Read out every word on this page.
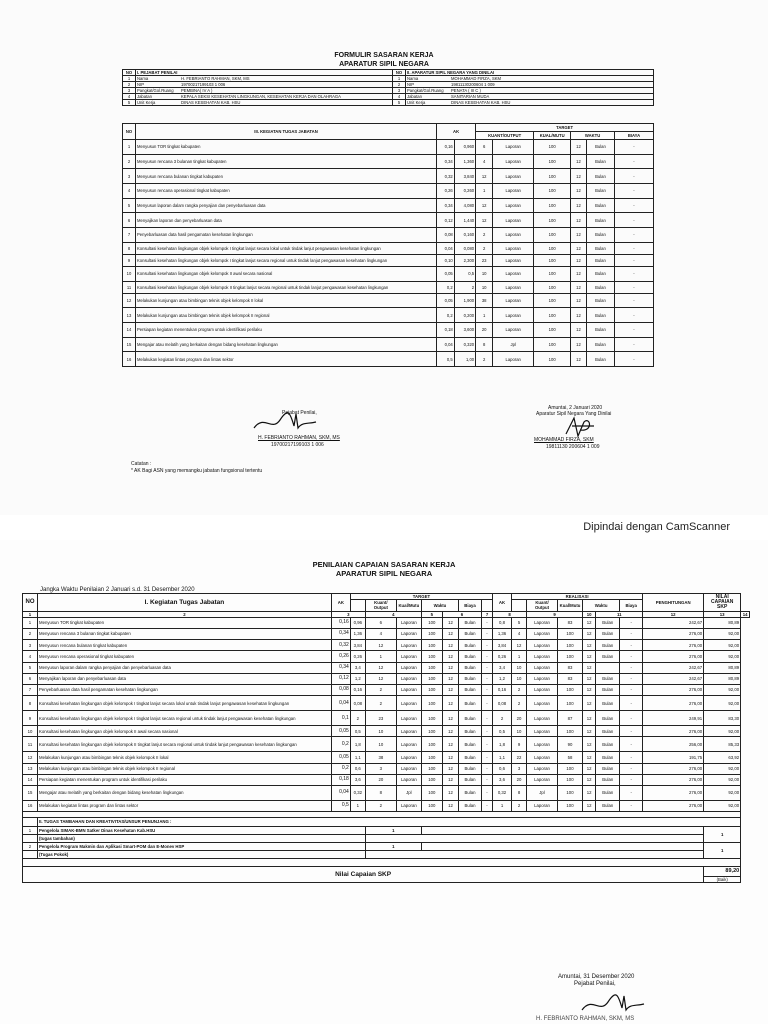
FORMULIR SASARAN KERJA
APARATUR SIPIL NEGARA
NO	I. PEJABAT PENILAI		NO	II. APARATUR SIPIL NEGARA YANG DINILAI	
1	Nama	H. FEBRIANTO RAHMAN, SKM, MS	1	Nama	MOHAMMAD FIRZA, SKM
2	NIP	19700217199103 1 006	2	NIP	19811130200604 1 009
3	Pangkat/Gol.Ruang	PEMBINA( IV A )	3	Pangkat/Gol.Ruang	PENATA ( III C )
4	Jabatan	KEPALA SEKSI KESEHATAN LINGKUNGAN, KESEHATAN KERJA DAN OLAHRAGA	4	Jabatan	SANITARIAN MUDA
5	Unit Kerja	DINAS KESEHATAN KAB. HSU	5	Unit Kerja	DINAS KESEHATAN KAB. HSU
NO	III. KEGIATAN TUGAS JABATAN	AK		TARGET					
				KUANT/OUTPUT		KUAL/MUTU	WAKTU		BIAYA
1	Menyusun TOR tingkat kabupaten	0,16	0,960	6	Laporan	100	12	Bulan	-
2	Menyusun rencana 3 bulanan tingkat kabupaten	0,34	1,360	4	Laporan	100	12	Bulan	-
3	Menyusun rencana bulanan tingkat kabupaten	0,32	3,840	12	Laporan	100	12	Bulan	-
4	Menyusun rencana operasional tingkat kabupaten	0,26	0,260	1	Laporan	100	12	Bulan	-
5	Menyusun laporan dalam rangka penyajian dan penyebarluasan data	0,34	4,080	12	Laporan	100	12	Bulan	-
6	Menyajikan laporan dan penyebarluasan data	0,12	1,440	12	Laporan	100	12	Bulan	-
7	Penyebarluasan data hasil pengamatan kesehatan lingkungan	0,08	0,160	2	Laporan	100	12	Bulan	-
8	Konsultasi kesehatan lingkungan objek kelompok I tingkat lanjut secara lokal untuk tindak lanjut pengawasan kesehatan lingkungan	0,04	0,080	2	Laporan	100	12	Bulan	-
9	Konsultasi kesehatan lingkungan objek kelompok I tingkat lanjut secara regional untuk tindak lanjut pengawasan kesehatan lingkungan	0,10	2,300	23	Laporan	100	12	Bulan	-
10	Konsultasi kesehatan lingkungan objek kelompok II awal secara nasional	0,05	0,5	10	Laporan	100	12	Bulan	-
11	Konsultasi kesehatan lingkungan objek kelompok II tingkat lanjut secara regional untuk tindak lanjut pengawasan kesehatan lingkungan	0,2	2	10	Laporan	100	12	Bulan	-
12	Melakukan kunjungan atau bimbingan teknis objek kelompok II lokal	0,05	1,900	38	Laporan	100	12	Bulan	-
13	Melakukan kunjungan atau bimbingan teknis objek kelompok II regional	0,2	0,200	1	Laporan	100	12	Bulan	-
14	Persiapan kegiatan menentukan program untuk identifikasi perilaku	0,18	3,600	20	Laporan	100	12	Bulan	-
15	Mengajar atau melatih yang berkaitan dengan bidang kesehatan lingkungan	0,04	0,320	8	Jpl	100	12	Bulan	-
16	Melakukan kegiatan lintas program dan lintas sektor	0,5	1,00	2	Laporan	100	12	Bulan	-
Pejabat Penilai,
H. FEBRIANTO RAHMAN, SKM, MS
19700217199103 1 006
Amuntai, 2 Januari 2020
Aparatur Sipil Negara Yang Dinilai
MOHAMMAD FIRZA, SKM
19811130 200604 1 009
Catatan :
* AK Bagi ASN yang memangku jabatan fungsional tertentu
Dipindai dengan CamScanner
PENILAIAN CAPAIAN SASARAN KERJA
APARATUR SIPIL NEGARA
Jangka Waktu Penilaian 2 Januari s.d. 31 Desember 2020
NO	I. Kegiatan Tugas Jabatan	AK	TARGET							AK	REALISASI						PENGHITUNGAN	NILAI CAPAIAN SKP	
				Kuant/ Output	Kual/Mutu	Waktu		Biaya				Kuant/ Output	Kual/Mutu	Waktu		Biaya			
1	2	3		4		5	6		7	8		9		10	11		12	13	14
1	Menyusun TOR tingkat kabupaten	0,16	0,96	6	Laporan	100	12	Bulan	-	0,8	5	Laporan	83	12	Bulan	-	242,67	80,89	
2	Menyusun rencana 3 bulanan tingkat kabupaten	0,34	1,36	4	Laporan	100	12	Bulan	-	1,36	4	Laporan	100	12	Bulan	-	276,00	92,00	
3	Menyusun rencana bulanan tingkat kabupaten	0,32	3,84	12	Laporan	100	12	Bulan	-	3,84	12	Laporan	100	12	Bulan	-	276,00	92,00	
4	Menyusun rencana operasional tingkat kabupaten	0,26	0,26	1	Laporan	100	12	Bulan	-	0,26	1	Laporan	100	12	Bulan	-	276,00	92,00	
5	Menyusun laporan dalam rangka penyajian dan penyebarluasan data	0,34	3,4	12	Laporan	100	12	Bulan	-	3,4	10	Laporan	83	12		-	242,67	80,89	
6	Menyajikan laporan dan penyebarluasan data	0,12	1,2	12	Laporan	100	12	Bulan	-	1,2	10	Laporan	83	12	Bulan	-	242,67	80,89	
7	Penyebarluasan data hasil pengamatan kesehatan lingkungan	0,08	0,16	2	Laporan	100	12	Bulan	-	0,16	2	Laporan	100	12	Bulan	-	276,00	92,00	
8	Konsultasi kesehatan lingkungan objek kelompok I tingkat lanjut secara lokal untuk tindak lanjut pengawasan kesehatan lingkungan	0,04	0,08	2	Laporan	100	12	Bulan	-	0,08	2	Laporan	100	12	Bulan	-	276,00	92,00	
9	Konsultasi kesehatan lingkungan objek kelompok I tingkat lanjut secara regional untuk tindak lanjut pengawasan kesehatan lingkungan	0,1	2	23	Laporan	100	12	Bulan	-	2	20	Laporan	87	12	Bulan	-	249,91	83,30	
10	Konsultasi kesehatan lingkungan objek kelompok II awal secara nasional	0,05	0,5	10	Laporan	100	12	Bulan	-	0,5	10	Laporan	100	12	Bulan	-	276,00	92,00	
11	Konsultasi kesehatan lingkungan objek kelompok II tingkat lanjut secara regional untuk tindak lanjut pengawasan kesehatan lingkungan	0,2	1,8	10	Laporan	100	12	Bulan	-	1,8	9	Laporan	90	12	Bulan	-	256,00	85,33	
12	Melakukan kunjungan atau bimbingan teknis objek kelompok II lokal	0,05	1,1	38	Laporan	100	12	Bulan	-	1,1	22	Laporan	58	12	Bulan	-	191,75	63,92	
13	Melakukan kunjungan atau bimbingan teknis objek kelompok II regional	0,2	0,6	3	Laporan	100	12	Bulan	-	0,6	3	Laporan	100	12	Bulan	-	276,00	92,00	
14	Persiapan kegiatan menentukan program untuk identifikasi perilaku	0,18	3,6	20	Laporan	100	12	Bulan	-	3,6	20	Laporan	100	12	Bulan	-	276,00	92,00	
15	Mengajar atau melatih yang berkaitan dengan bidang kesehatan lingkungan	0,04	0,32	8	Jpl	100	12	Bulan	-	0,32	8	Jpl	100	12	Bulan	-	276,00	92,00	
16	Melakukan kegiatan lintas program dan lintas sektor	0,5	1	2	Laporan	100	12	Bulan	-	1	2	Laporan	100	12	Bulan	-	276,00	92,00	

	II. TUGAS TAMBAHAN DAN KREATIVITAS/UNSUR PENUNJANG :																		
1	Pengelola SIMAK-BMN Satker Dinas Kesehatan Kab.HSU			1														1	
	(tugas tambahan)																		
2	Pengelola Program Makmin dan Aplikasi Smart-POM dan E-Monev HSP			1														1	
	(Tugas Pokok)																		

Nilai Capaian SKP																		89,20	
																		(Baik)	
Amuntai, 31 Desember 2020
Pejabat Penilai,
H. FEBRIANTO RAHMAN, SKM, MS
